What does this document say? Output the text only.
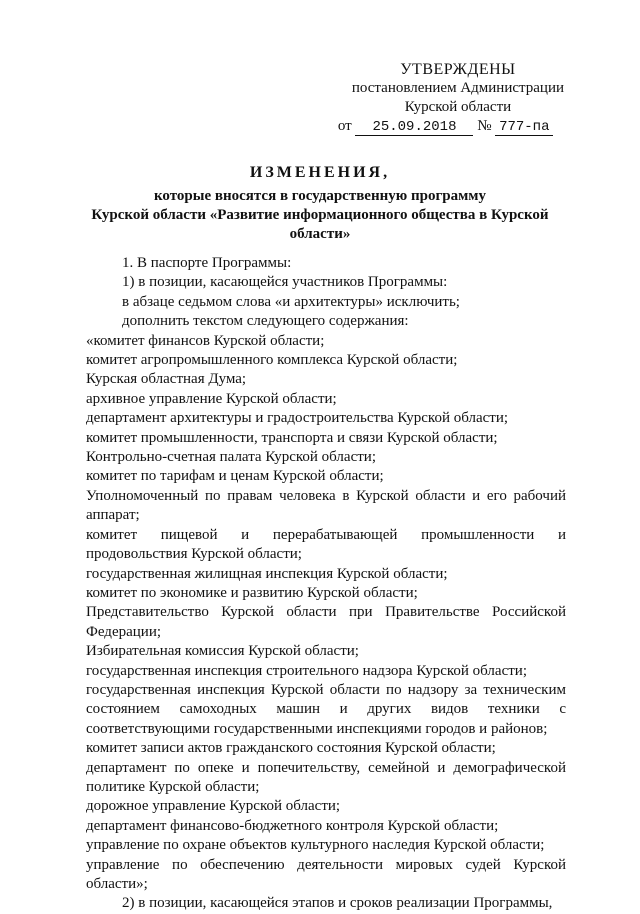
УТВЕРЖДЕНЫ
постановлением Администрации
Курской области
от 25.09.2018 № 777-па
ИЗМЕНЕНИЯ,
которые вносятся в государственную программу
Курской области «Развитие информационного общества в Курской области»

1. В паспорте Программы:

1) в позиции, касающейся участников Программы:

в абзаце седьмом слова «и архитектуры» исключить;

дополнить текстом следующего содержания:

«комитет финансов Курской области;

комитет агропромышленного комплекса Курской области;

Курская областная Дума;

архивное управление Курской области;

департамент архитектуры и градостроительства Курской области;

комитет промышленности, транспорта и связи Курской области;

Контрольно-счетная палата Курской области;

комитет по тарифам и ценам Курской области;

Уполномоченный по правам человека в Курской области и его рабочий аппарат;

комитет пищевой и перерабатывающей промышленности и продовольствия Курской области;

государственная жилищная инспекция Курской области;

комитет по экономике и развитию Курской области;

Представительство Курской области при Правительстве Российской Федерации;

Избирательная комиссия Курской области;

государственная инспекция строительного надзора Курской области;

государственная инспекция Курской области по надзору за техническим состоянием самоходных машин и других видов техники с соответствующими государственными инспекциями городов и районов;

комитет записи актов гражданского состояния Курской области;

департамент по опеке и попечительству, семейной и демографической политике Курской области;

дорожное управление Курской области;

департамент финансово-бюджетного контроля Курской области;

управление по охране объектов культурного наследия Курской области;

управление по обеспечению деятельности мировых судей Курской области»;

2) в позиции, касающейся этапов и сроков реализации Программы,
